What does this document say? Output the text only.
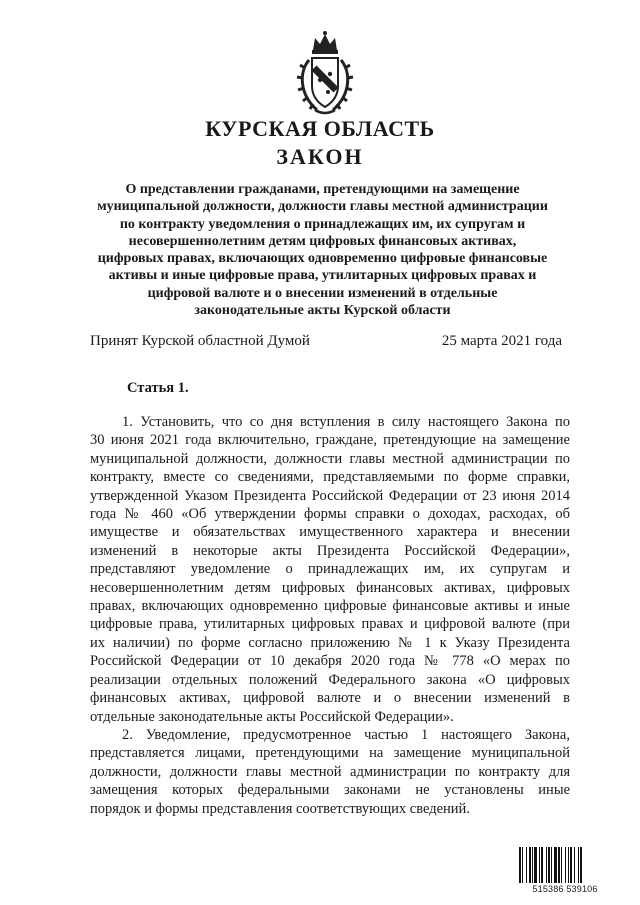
КУРСКАЯ ОБЛАСТЬ
ЗАКОН
О представлении гражданами, претендующими на замещение
муниципальной должности, должности главы местной администрации
по контракту уведомления о принадлежащих им, их супругам и
несовершеннолетним детям цифровых финансовых активах,
цифровых правах, включающих одновременно цифровые финансовые
активы и иные цифровые права, утилитарных цифровых правах и
цифровой валюте и о внесении изменений в отдельные
законодательные акты Курской области
Принят Курской областной Думой	25 марта 2021 года
Статья 1.
1. Установить, что со дня вступления в силу настоящего Закона по
30 июня 2021 года включительно, граждане, претендующие на замещение
муниципальной должности, должности главы местной администрации по
контракту, вместе со сведениями, представляемыми по форме справки,
утвержденной Указом Президента Российской Федерации от 23 июня 2014
года № 460 «Об утверждении формы справки о доходах, расходах, об
имуществе и обязательствах имущественного характера и внесении
изменений в некоторые акты Президента Российской Федерации»,
представляют уведомление о принадлежащих им, их супругам и
несовершеннолетним детям цифровых финансовых активах, цифровых
правах, включающих одновременно цифровые финансовые активы и иные
цифровые права, утилитарных цифровых правах и цифровой валюте (при
их наличии) по форме согласно приложению № 1 к Указу Президента
Российской Федерации от 10 декабря 2020 года № 778 «О мерах по
реализации отдельных положений Федерального закона «О цифровых
финансовых активах, цифровой валюте и о внесении изменений в
отдельные законодательные акты Российской Федерации».
2. Уведомление, предусмотренное частью 1 настоящего Закона,
представляется лицами, претендующими на замещение муниципальной
должности, должности главы местной администрации по контракту для
замещения которых федеральными законами не установлены иные
порядок и формы представления соответствующих сведений.
515386 539106
